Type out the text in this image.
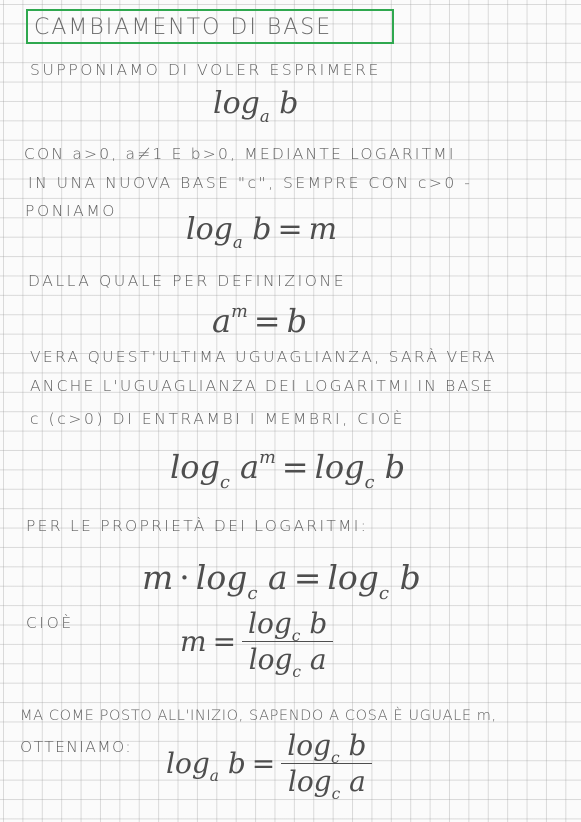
CAMBIAMENTO DI BASE
SUPPONIAMO DI VOLER ESPRIMERE
$\log_a b$
CON a>0, a≠1 E b>0, MEDIANTE LOGARITMI
IN UNA NUOVA BASE "c", SEMPRE CON c>0 -
PONIAMO
$\log_a b = m$
DALLA QUALE PER DEFINIZIONE
$a^m = b$
VERA QUEST'ULTIMA UGUAGLIANZA, SARÀ VERA
ANCHE L'UGUAGLIANZA DEI LOGARITMI IN BASE
c (c>0) DI ENTRAMBI I MEMBRI, CIOÈ
$\log_c a^m = \log_c b$
PER LE PROPRIETÀ DEI LOGARITMI:
$m \cdot \log_c a = \log_c b$
CIOÈ
$m = \frac{\log_c b}{\log_c a}$
MA COME POSTO ALL'INIZIO, SAPENDO A COSA È UGUALE m,
OTTENIAMO: $\log_a b = \frac{\log_c b}{\log_c a}$
